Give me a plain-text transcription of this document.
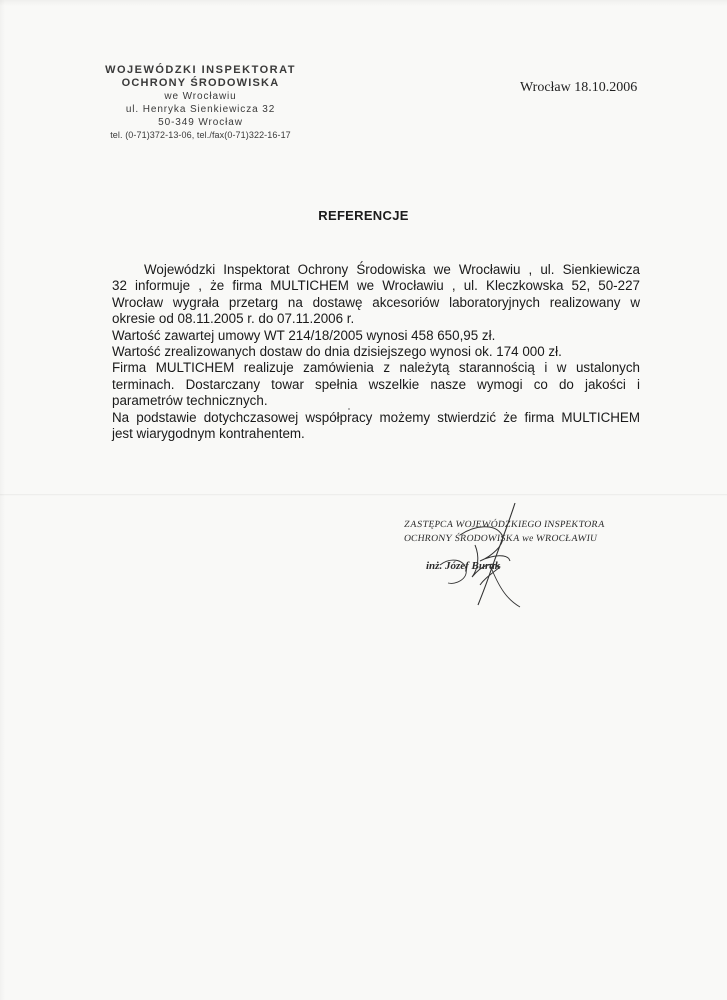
WOJEWÓDZKI INSPEKTORAT
OCHRONY ŚRODOWISKA
we Wrocławiu
ul. Henryka Sienkiewicza 32
50-349 Wrocław
tel. (0-71)372-13-06, tel./fax(0-71)322-16-17
Wrocław 18.10.2006
REFERENCJE

Wojewódzki Inspektorat Ochrony Środowiska we Wrocławiu , ul. Sienkiewicza

32 informuje , że firma MULTICHEM we Wrocławiu , ul. Kleczkowska 52, 50-227

Wrocław wygrała przetarg na dostawę akcesoriów laboratoryjnych realizowany w

okresie od 08.11.2005 r. do 07.11.2006 r.

Wartość zawartej umowy WT 214/18/2005 wynosi 458 650,95 zł.

Wartość zrealizowanych dostaw do dnia dzisiejszego wynosi ok. 174 000 zł.

Firma MULTICHEM realizuje zamówienia z należytą starannością i w ustalonych

terminach. Dostarczany towar spełnia wszelkie nasze wymogi co do jakości i

parametrów technicznych.

Na podstawie dotychczasowej współpracy możemy stwierdzić że firma MULTICHEM

jest wiarygodnym kontrahentem.

ZASTĘPCA WOJEWÓDZKIEGO INSPEKTORA
OCHRONY ŚRODOWISKA we WROCŁAWIU
inż. Józef Burak
